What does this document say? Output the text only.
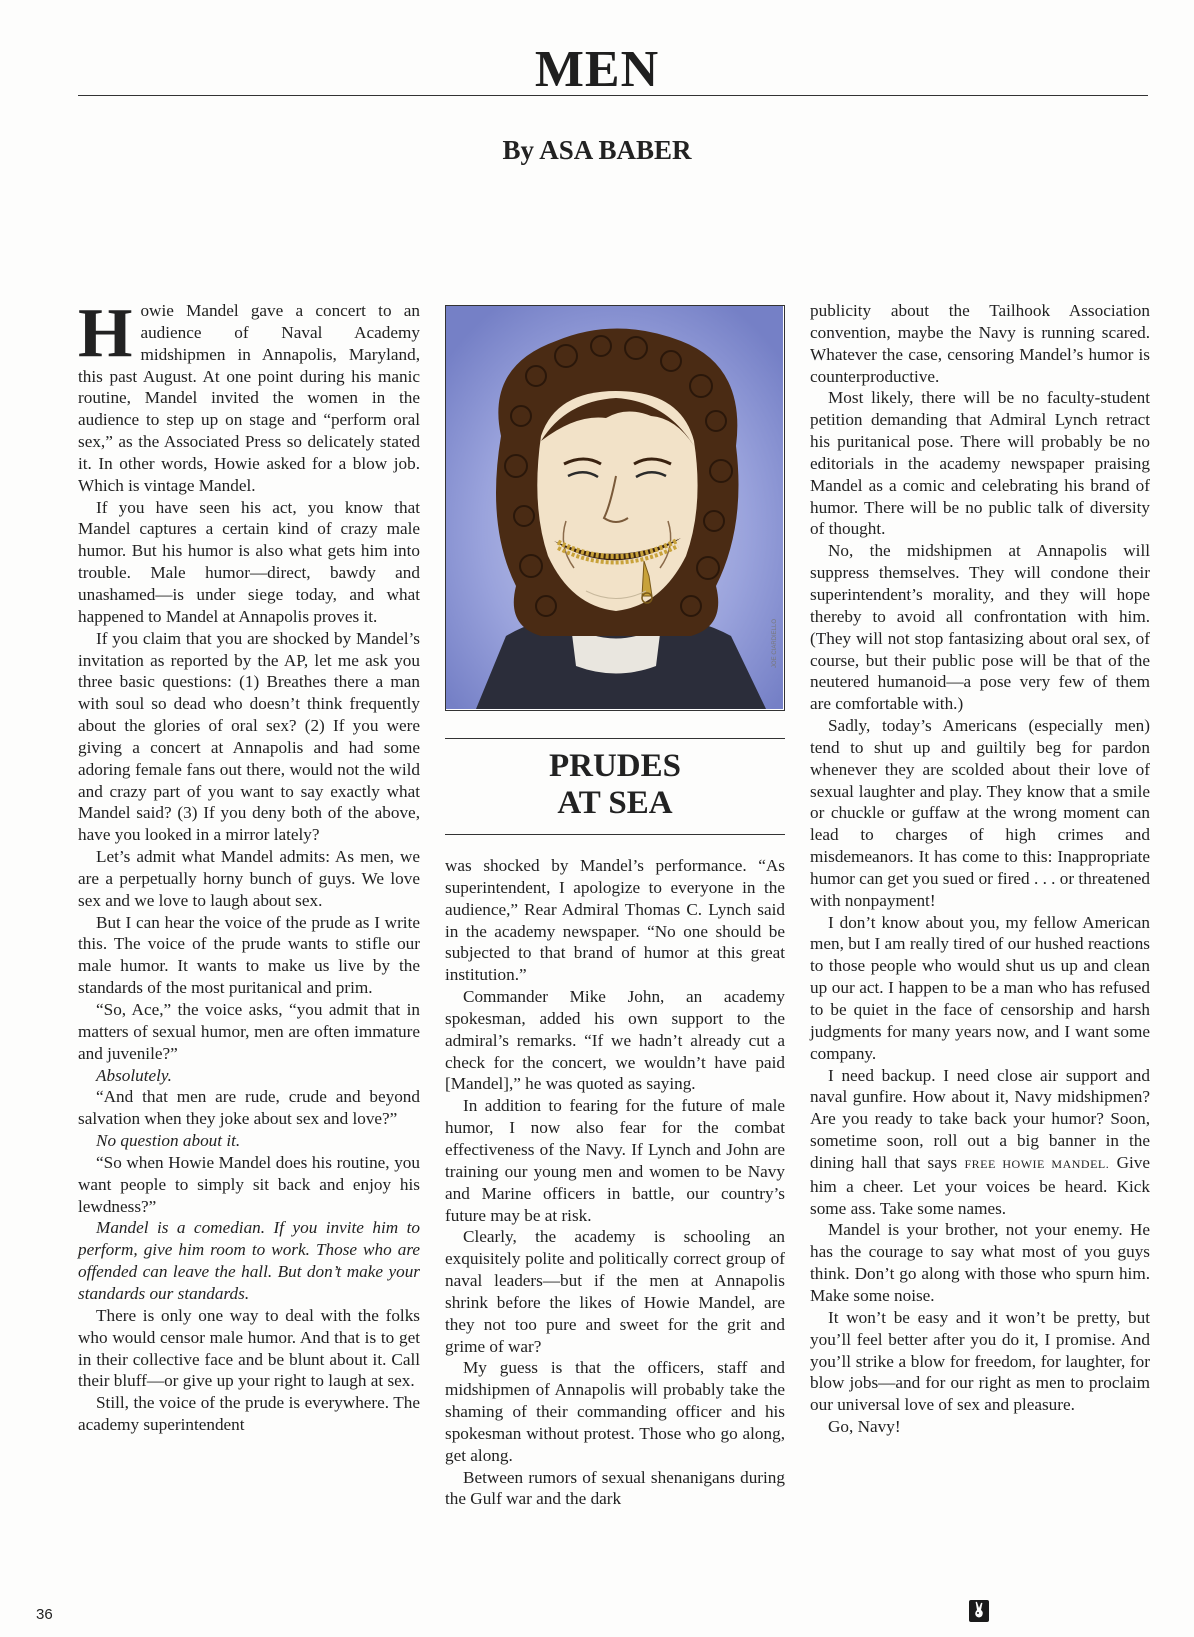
MEN
By ASA BABER

Howie Mandel gave a concert to an audience of Naval Academy midshipmen in Annapolis, Maryland, this past August. At one point during his manic routine, Mandel invited the women in the audience to step up on stage and “perform oral sex,” as the Associated Press so delicately stated it. In other words, Howie asked for a blow job. Which is vintage Mandel.

If you have seen his act, you know that Mandel captures a certain kind of crazy male humor. But his humor is also what gets him into trouble. Male humor—direct, bawdy and unashamed—is under siege today, and what happened to Mandel at Annapolis proves it.

If you claim that you are shocked by Mandel’s invitation as reported by the AP, let me ask you three basic questions: (1) Breathes there a man with soul so dead who doesn’t think frequently about the glories of oral sex? (2) If you were giving a concert at Annapolis and had some adoring female fans out there, would not the wild and crazy part of you want to say exactly what Mandel said? (3) If you deny both of the above, have you looked in a mirror lately?

Let’s admit what Mandel admits: As men, we are a perpetually horny bunch of guys. We love sex and we love to laugh about sex.

But I can hear the voice of the prude as I write this. The voice of the prude wants to stifle our male humor. It wants to make us live by the standards of the most puritanical and prim.

“So, Ace,” the voice asks, “you admit that in matters of sexual humor, men are often immature and juvenile?”

Absolutely.

“And that men are rude, crude and beyond salvation when they joke about sex and love?”

No question about it.

“So when Howie Mandel does his routine, you want people to simply sit back and enjoy his lewdness?”

Mandel is a comedian. If you invite him to perform, give him room to work. Those who are offended can leave the hall. But don’t make your standards our standards.

There is only one way to deal with the folks who would censor male humor. And that is to get in their collective face and be blunt about it. Call their bluff—or give up your right to laugh at sex.

Still, the voice of the prude is everywhere. The academy superintendent

JOE CIARDIELLO
PRUDES
AT SEA

was shocked by Mandel’s performance. “As superintendent, I apologize to everyone in the audience,” Rear Admiral Thomas C. Lynch said in the academy newspaper. “No one should be subjected to that brand of humor at this great institution.”

Commander Mike John, an academy spokesman, added his own support to the admiral’s remarks. “If we hadn’t already cut a check for the concert, we wouldn’t have paid [Mandel],” he was quoted as saying.

In addition to fearing for the future of male humor, I now also fear for the combat effectiveness of the Navy. If Lynch and John are training our young men and women to be Navy and Marine officers in battle, our country’s future may be at risk.

Clearly, the academy is schooling an exquisitely polite and politically correct group of naval leaders—but if the men at Annapolis shrink before the likes of Howie Mandel, are they not too pure and sweet for the grit and grime of war?

My guess is that the officers, staff and midshipmen of Annapolis will probably take the shaming of their commanding officer and his spokesman without protest. Those who go along, get along.

Between rumors of sexual shenanigans during the Gulf war and the dark

publicity about the Tailhook Association convention, maybe the Navy is running scared. Whatever the case, censoring Mandel’s humor is counterproductive.

Most likely, there will be no faculty-student petition demanding that Admiral Lynch retract his puritanical pose. There will probably be no editorials in the academy newspaper praising Mandel as a comic and celebrating his brand of humor. There will be no public talk of diversity of thought.

No, the midshipmen at Annapolis will suppress themselves. They will condone their superintendent’s morality, and they will hope thereby to avoid all confrontation with him. (They will not stop fantasizing about oral sex, of course, but their public pose will be that of the neutered humanoid—a pose very few of them are comfortable with.)

Sadly, today’s Americans (especially men) tend to shut up and guiltily beg for pardon whenever they are scolded about their love of sexual laughter and play. They know that a smile or chuckle or guffaw at the wrong moment can lead to charges of high crimes and misdemeanors. It has come to this: Inappropriate humor can get you sued or fired . . . or threatened with nonpayment!

I don’t know about you, my fellow American men, but I am really tired of our hushed reactions to those people who would shut us up and clean up our act. I happen to be a man who has refused to be quiet in the face of censorship and harsh judgments for many years now, and I want some company.

I need backup. I need close air support and naval gunfire. How about it, Navy midshipmen? Are you ready to take back your humor? Soon, sometime soon, roll out a big banner in the dining hall that says FREE HOWIE MANDEL. Give him a cheer. Let your voices be heard. Kick some ass. Take some names.

Mandel is your brother, not your enemy. He has the courage to say what most of you guys think. Don’t go along with those who spurn him. Make some noise.

It won’t be easy and it won’t be pretty, but you’ll feel better after you do it, I promise. And you’ll strike a blow for freedom, for laughter, for blow jobs—and for our right as men to proclaim our universal love of sex and pleasure.

Go, Navy!

36
